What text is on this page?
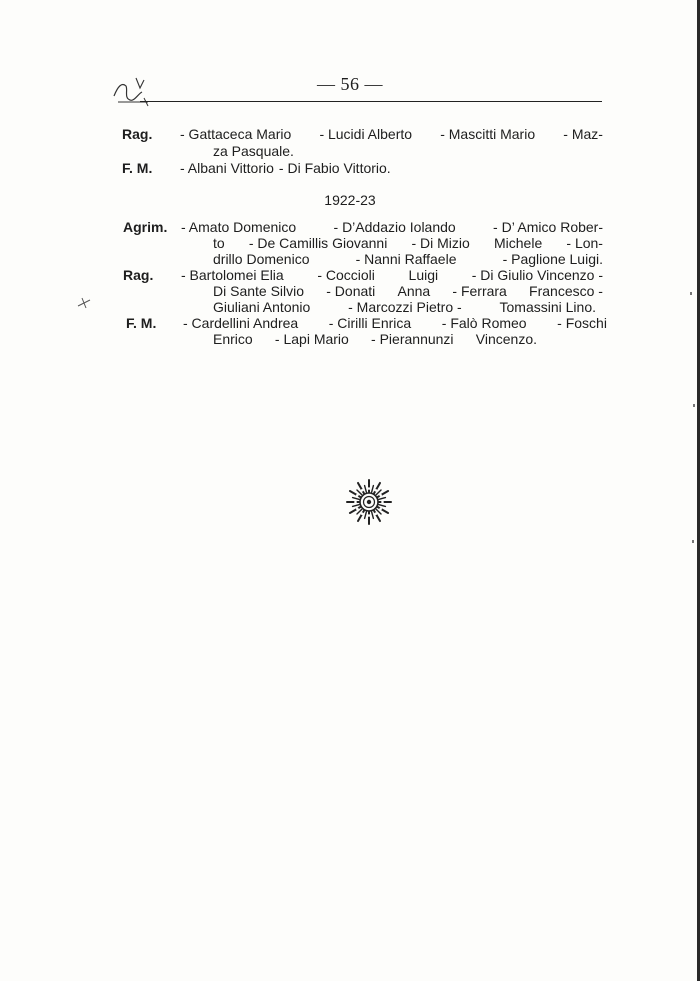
— 56 —
Rag. - Gattaceca Mario - Lucidi Alberto - Mascitti Mario - Maz-
za Pasquale.
F. M. - Albani Vittorio - Di Fabio Vittorio.
1922-23
Agrim. - Amato Domenico	- D’Addazio Iolando	- D’ Amico Rober-
to - De Camillis Giovanni - Di Mizio Michele - Lon-
drillo Domenico	- Nanni Raffaele	- Paglione Luigi.
Rag. - Bartolomei Elia - Coccioli Luigi - Di Giulio Vincenzo -
Di Sante Silvio - Donati Anna - Ferrara Francesco -
Giuliani Antonio	- Marcozzi Pietro -	Tomassini Lino.
F. M. - Cardellini Andrea - Cirilli Enrica - Falò Romeo - Foschi
Enrico - Lapi Mario - Pierannunzi Vincenzo.
